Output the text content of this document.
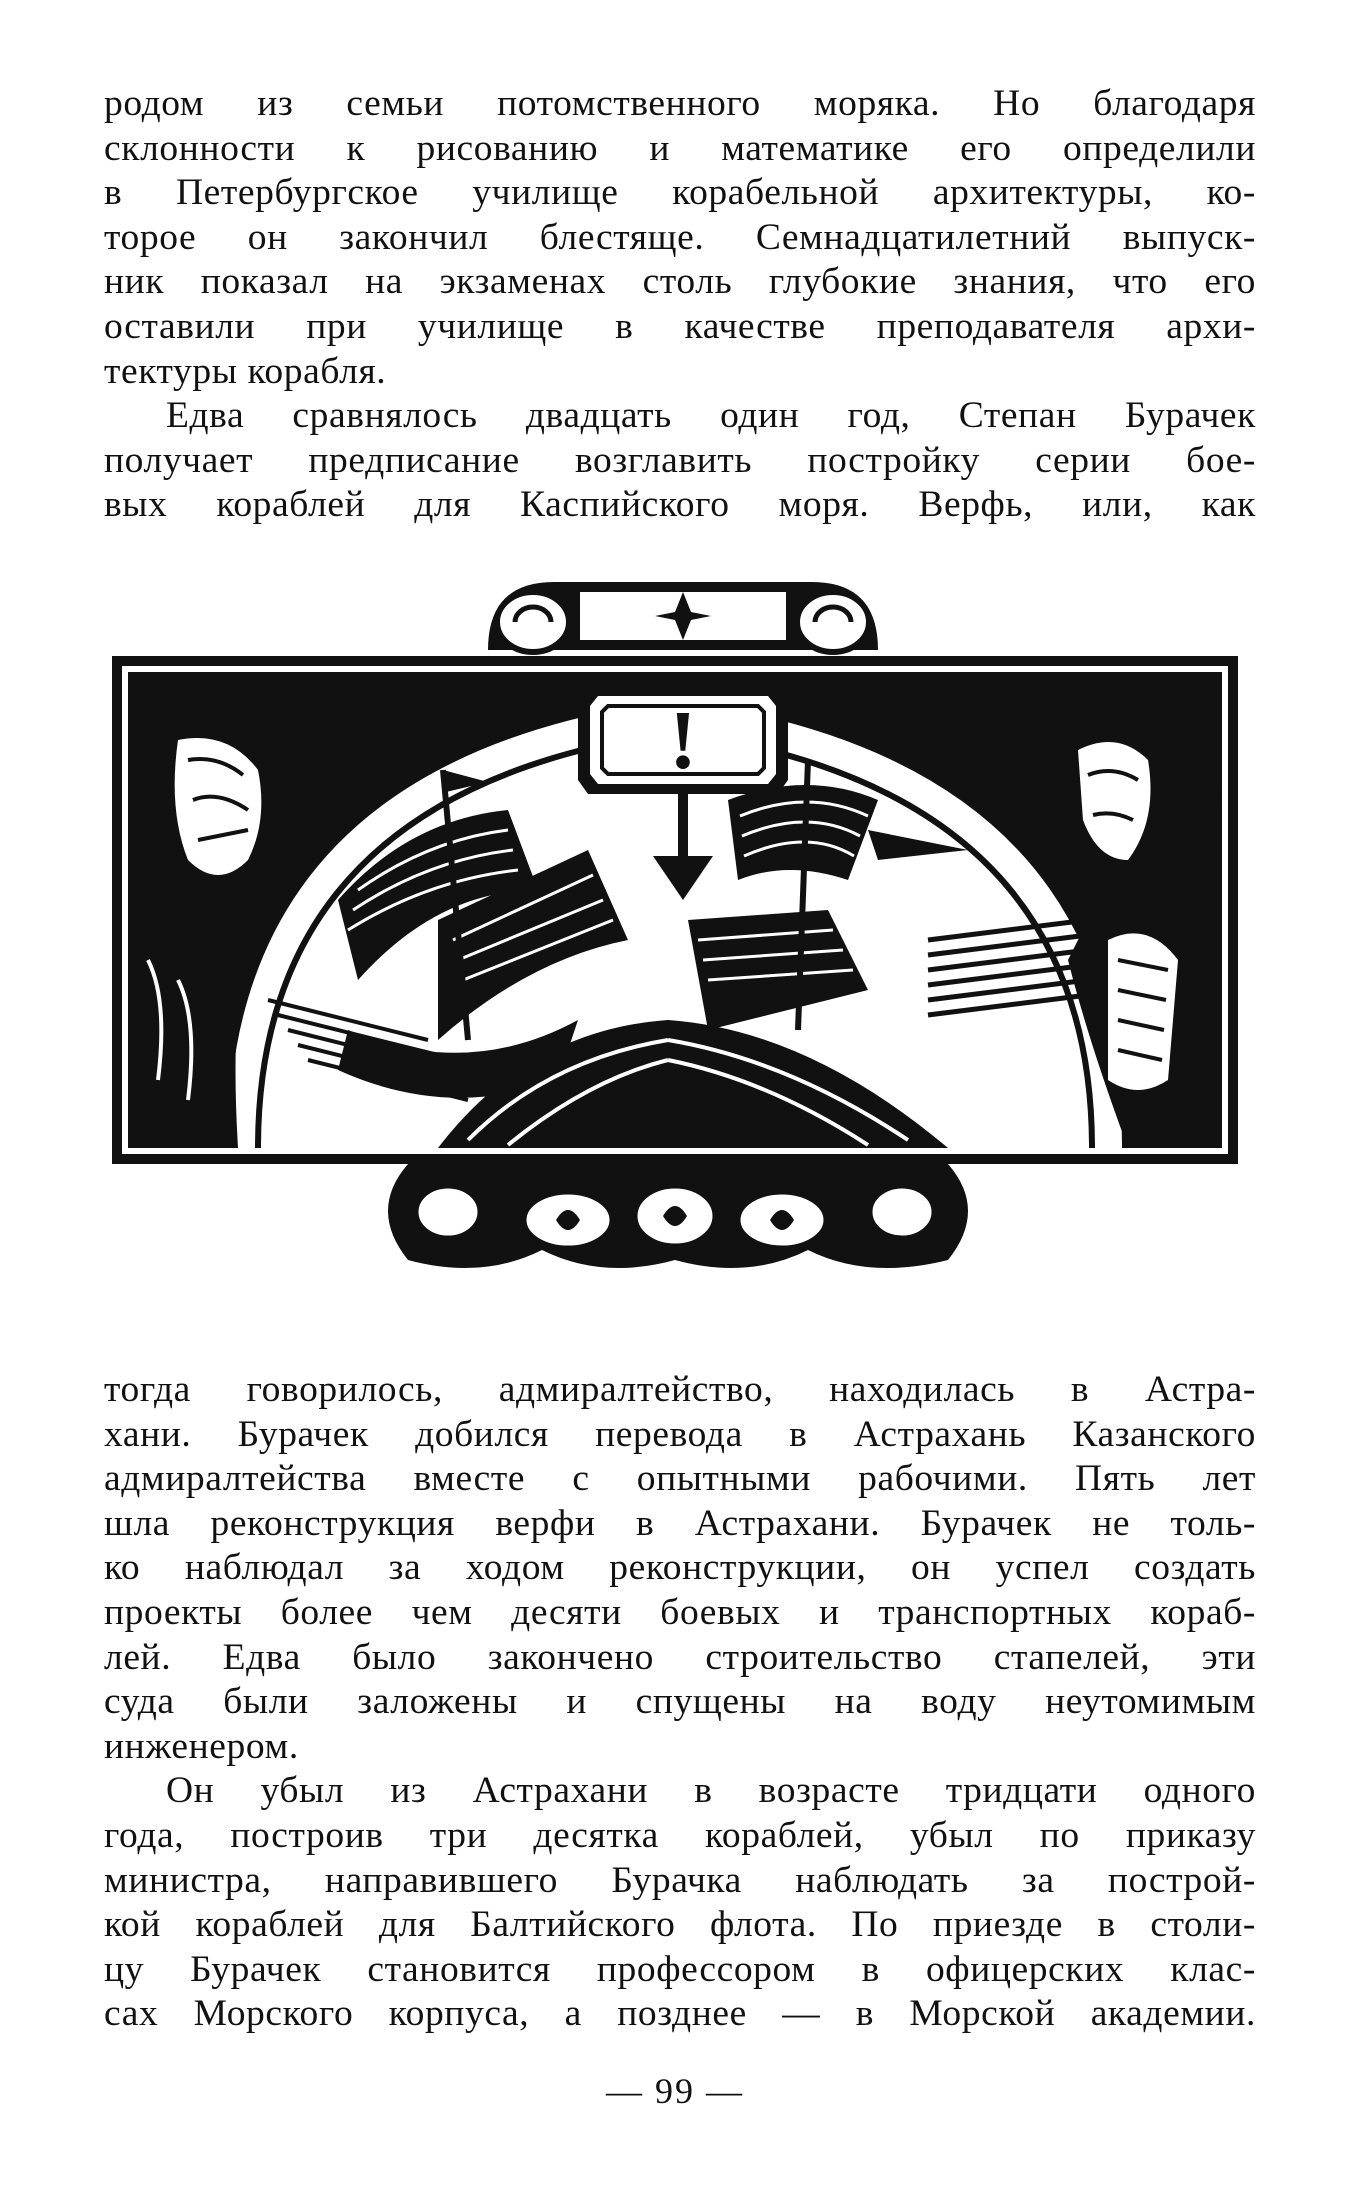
родом из семьи потомственного моряка. Но благодаря
склонности к рисованию и математике его определили
в Петербургское училище корабельной архитектуры, ко-
торое он закончил блестяще. Семнадцатилетний выпуск-
ник показал на экзаменах столь глубокие знания, что его
оставили при училище в качестве преподавателя архи-
тектуры корабля.
Едва сравнялось двадцать один год, Степан Бурачек
получает предписание возглавить постройку серии бое-
вых кораблей для Каспийского моря. Верфь, или, как
!
тогда говорилось, адмиралтейство, находилась в Астра-
хани. Бурачек добился перевода в Астрахань Казанского
адмиралтейства вместе с опытными рабочими. Пять лет
шла реконструкция верфи в Астрахани. Бурачек не толь-
ко наблюдал за ходом реконструкции, он успел создать
проекты более чем десяти боевых и транспортных кораб-
лей. Едва было закончено строительство стапелей, эти
суда были заложены и спущены на воду неутомимым
инженером.
Он убыл из Астрахани в возрасте тридцати одного
года, построив три десятка кораблей, убыл по приказу
министра, направившего Бурачка наблюдать за построй-
кой кораблей для Балтийского флота. По приезде в столи-
цу Бурачек становится профессором в офицерских клас-
сах Морского корпуса, а позднее — в Морской академии.
— 99 —
